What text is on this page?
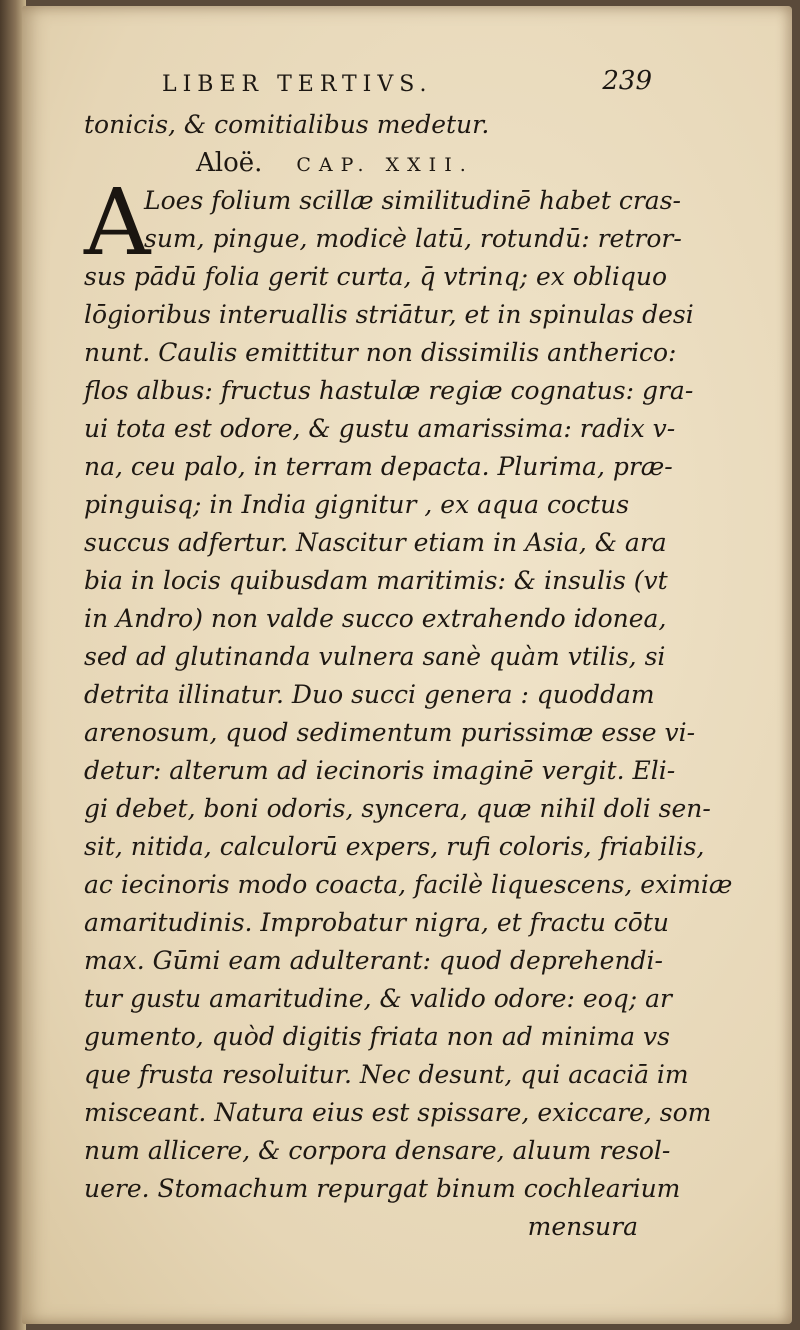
LIBER TERTIVS.	239
tonicis, & comitialibus medetur.
Aloë. CAP. XXII.
A
Loes folium scillæ similitudinē habet cras-
sum, pingue, modicè latū, rotundū: retror-
sus pādū folia gerit curta, q̄ vtrinq; ex obliquo
lōgioribus interuallis striātur, et in spinulas desi
nunt. Caulis emittitur non dissimilis antherico:
flos albus: fructus hastulæ regiæ cognatus: gra-
ui tota est odore, & gustu amarissima: radix v-
na, ceu palo, in terram depacta. Plurima, præ-
pinguisq; in India gignitur , ex aqua coctus
succus adfertur. Nascitur etiam in Asia, & ara
bia in locis quibusdam maritimis: & insulis (vt
in Andro) non valde succo extrahendo idonea,
sed ad glutinanda vulnera sanè quàm vtilis, si
detrita illinatur. Duo succi genera : quoddam
arenosum, quod sedimentum purissimæ esse vi-
detur: alterum ad iecinoris imaginē vergit. Eli-
gi debet, boni odoris, syncera, quæ nihil doli sen-
sit, nitida, calculorū expers, rufi coloris, friabilis,
ac iecinoris modo coacta, facilè liquescens, eximiæ
amaritudinis. Improbatur nigra, et fractu cōtu
max. Gūmi eam adulterant: quod deprehendi-
tur gustu amaritudine, & valido odore: eoq; ar
gumento, quòd digitis friata non ad minima vs
que frusta resoluitur. Nec desunt, qui acaciā im
misceant. Natura eius est spissare, exiccare, som
num allicere, & corpora densare, aluum resol-
uere. Stomachum repurgat binum cochlearium
mensura
